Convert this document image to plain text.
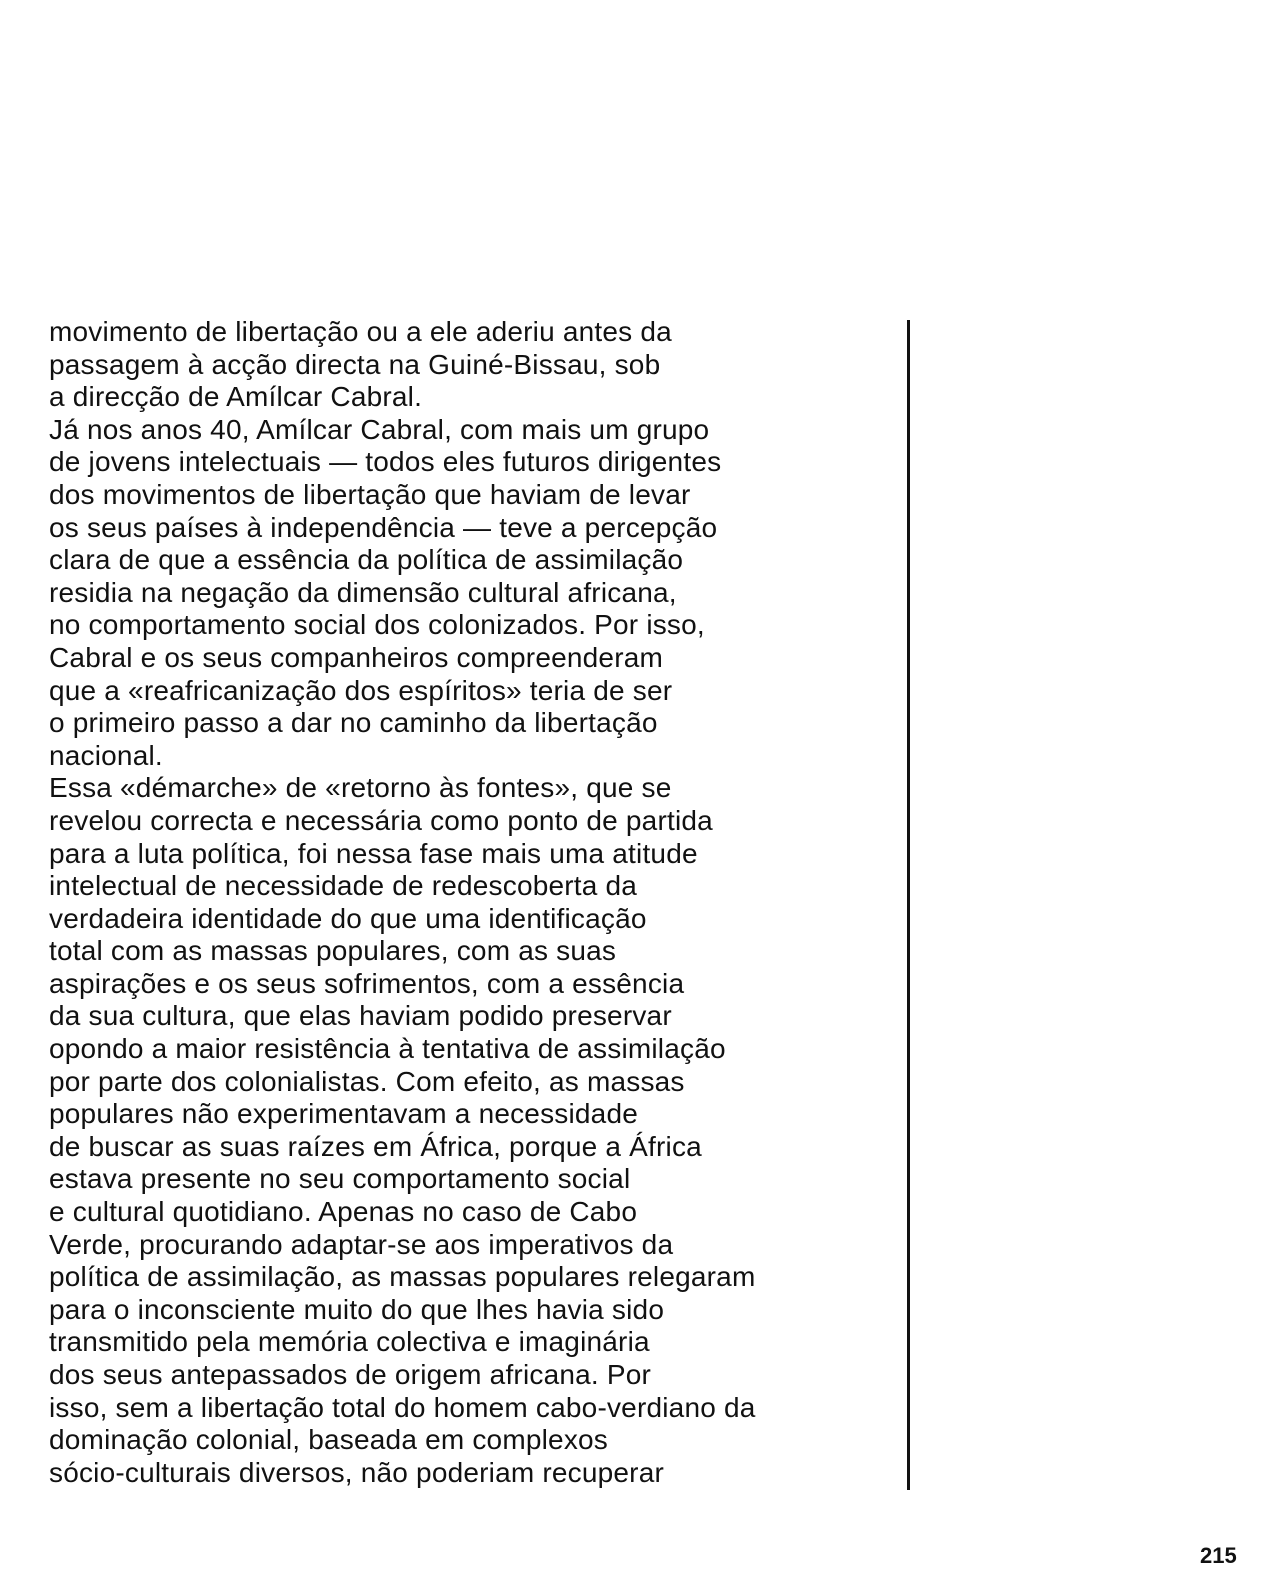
movimento de libertação ou a ele aderiu antes da
passagem à acção directa na Guiné-Bissau, sob
a direcção de Amílcar Cabral.
Já nos anos 40, Amílcar Cabral, com mais um grupo
de jovens intelectuais — todos eles futuros dirigentes
dos movimentos de libertação que haviam de levar
os seus países à independência — teve a percepção
clara de que a essência da política de assimilação
residia na negação da dimensão cultural africana,
no comportamento social dos colonizados. Por isso,
Cabral e os seus companheiros compreenderam
que a «reafricanização dos espíritos» teria de ser
o primeiro passo a dar no caminho da libertação
nacional.
Essa «démarche» de «retorno às fontes», que se
revelou correcta e necessária como ponto de partida
para a luta política, foi nessa fase mais uma atitude
intelectual de necessidade de redescoberta da
verdadeira identidade do que uma identificação
total com as massas populares, com as suas
aspirações e os seus sofrimentos, com a essência
da sua cultura, que elas haviam podido preservar
opondo a maior resistência à tentativa de assimilação
por parte dos colonialistas. Com efeito, as massas
populares não experimentavam a necessidade
de buscar as suas raízes em África, porque a África
estava presente no seu comportamento social
e cultural quotidiano. Apenas no caso de Cabo
Verde, procurando adaptar-se aos imperativos da
política de assimilação, as massas populares relegaram
para o inconsciente muito do que lhes havia sido
transmitido pela memória colectiva e imaginária
dos seus antepassados de origem africana. Por
isso, sem a libertação total do homem cabo-verdiano da
dominação colonial, baseada em complexos
sócio-culturais diversos, não poderiam recuperar
215
